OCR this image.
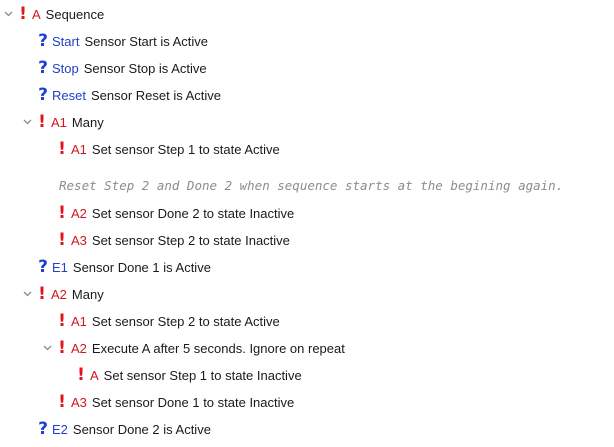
! A Sequence
? Start Sensor Start is Active
? Stop Sensor Stop is Active
? Reset Sensor Reset is Active
! A1 Many
! A1 Set sensor Step 1 to state Active
Reset Step 2 and Done 2 when sequence starts at the begining again.
! A2 Set sensor Done 2 to state Inactive
! A3 Set sensor Step 2 to state Inactive
? E1 Sensor Done 1 is Active
! A2 Many
! A1 Set sensor Step 2 to state Active
! A2 Execute A after 5 seconds. Ignore on repeat
! A Set sensor Step 1 to state Inactive
! A3 Set sensor Done 1 to state Inactive
? E2 Sensor Done 2 is Active
